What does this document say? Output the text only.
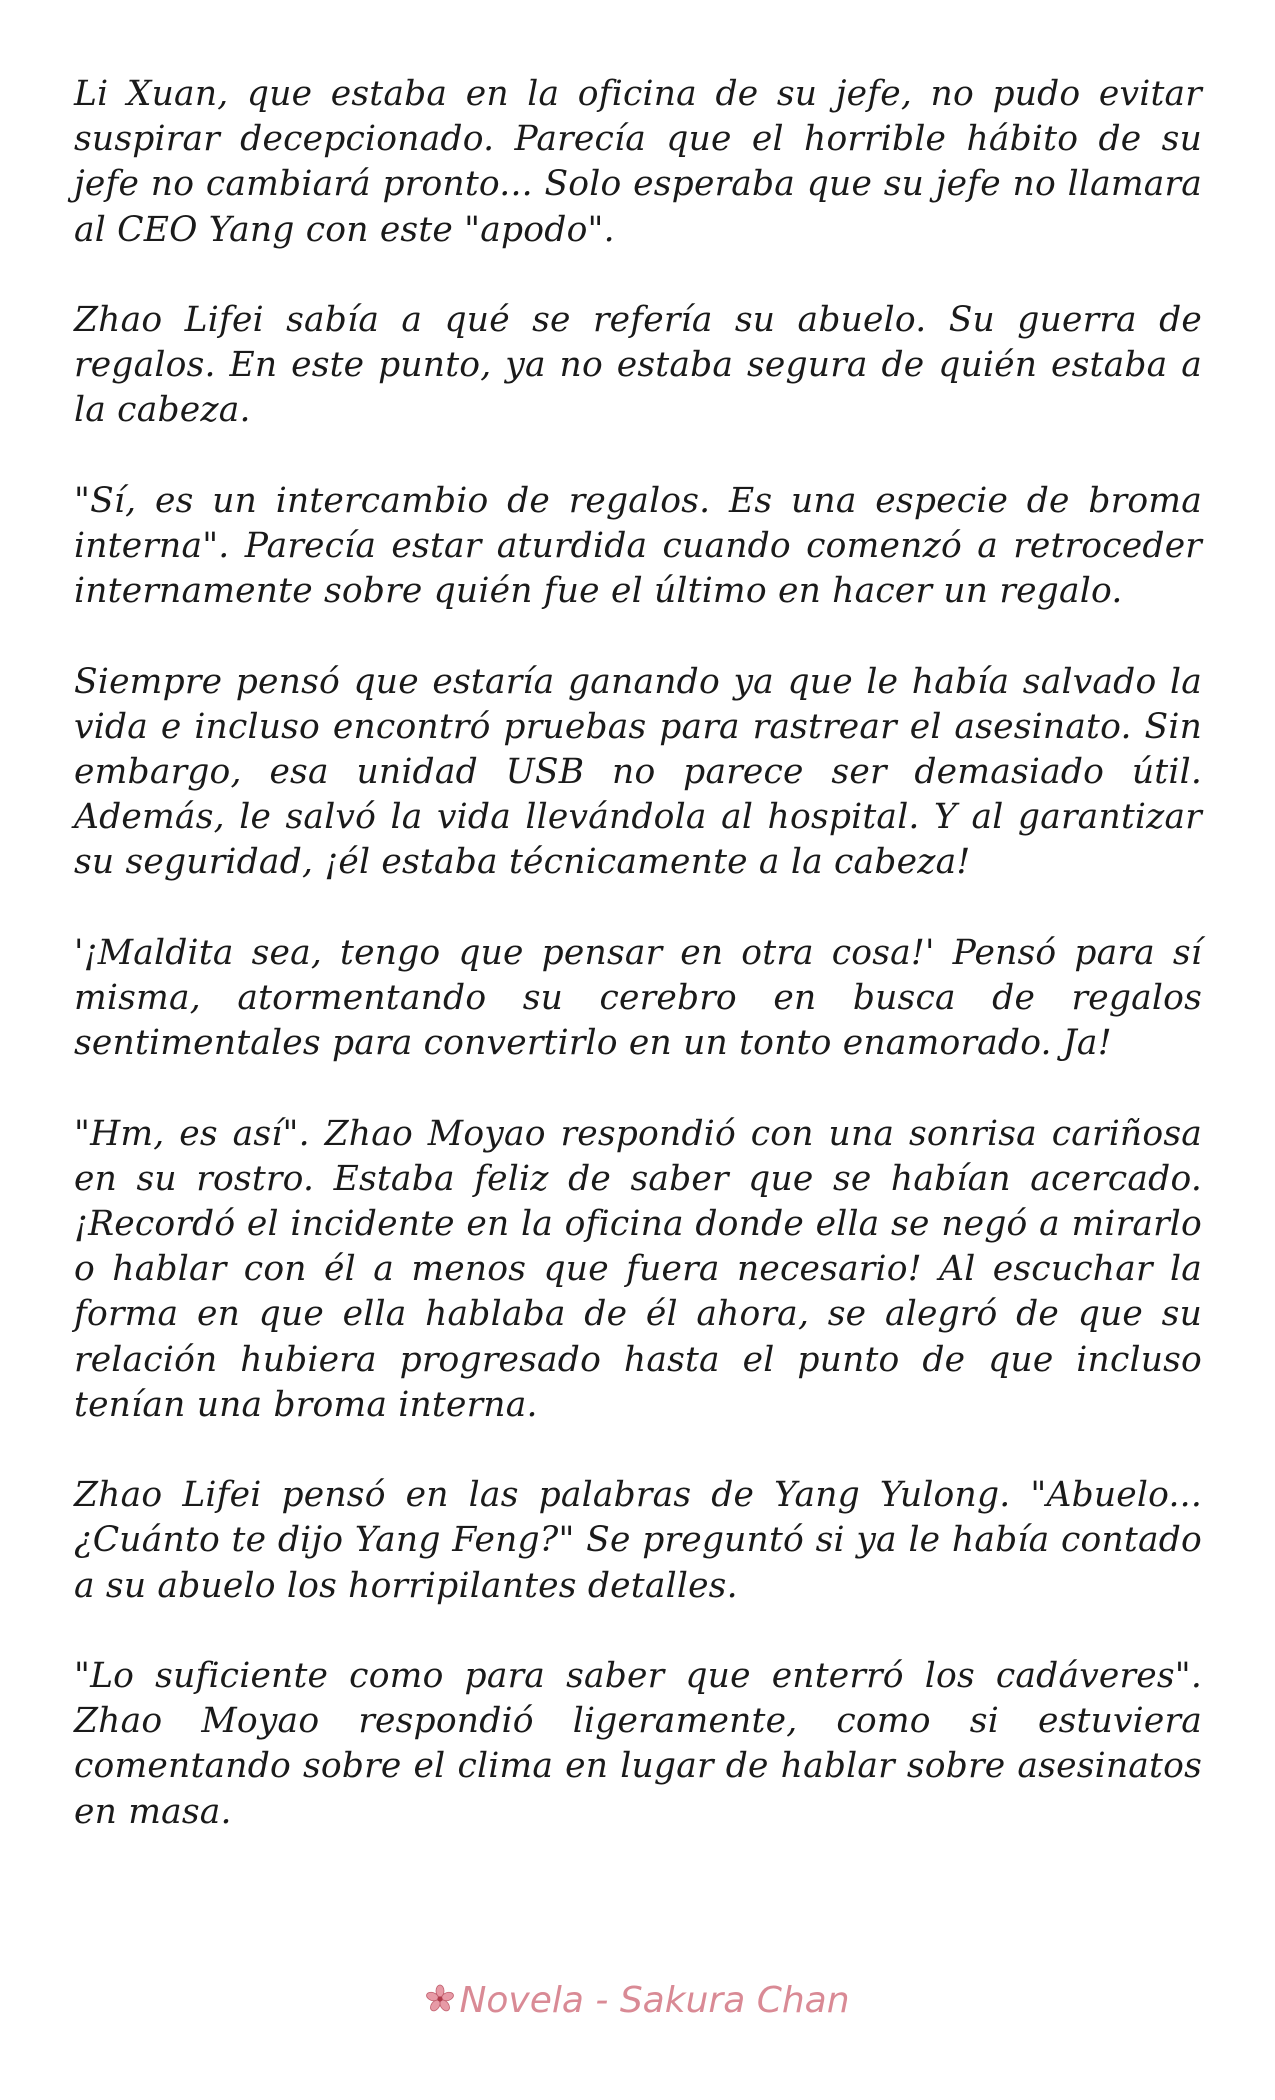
Li Xuan, que estaba en la oficina de su jefe, no pudo evitar suspirar decepcionado. Parecía que el horrible hábito de su jefe no cambiará pronto... Solo esperaba que su jefe no llamara al CEO Yang con este "apodo".

Zhao Lifei sabía a qué se refería su abuelo. Su guerra de regalos. En este punto, ya no estaba segura de quién estaba a la cabeza.

"Sí, es un intercambio de regalos. Es una especie de broma interna". Parecía estar aturdida cuando comenzó a retroceder internamente sobre quién fue el último en hacer un regalo.

Siempre pensó que estaría ganando ya que le había salvado la vida e incluso encontró pruebas para rastrear el asesinato. Sin embargo, esa unidad USB no parece ser demasiado útil. Además, le salvó la vida llevándola al hospital. Y al garantizar su seguridad, ¡él estaba técnicamente a la cabeza!

'¡Maldita sea, tengo que pensar en otra cosa!' Pensó para sí misma, atormentando su cerebro en busca de regalos sentimentales para convertirlo en un tonto enamorado. Ja!

"Hm, es así". Zhao Moyao respondió con una sonrisa cariñosa en su rostro. Estaba feliz de saber que se habían acercado. ¡Recordó el incidente en la oficina donde ella se negó a mirarlo o hablar con él a menos que fuera necesario! Al escuchar la forma en que ella hablaba de él ahora, se alegró de que su relación hubiera progresado hasta el punto de que incluso tenían una broma interna.

Zhao Lifei pensó en las palabras de Yang Yulong. "Abuelo... ¿Cuánto te dijo Yang Feng?" Se preguntó si ya le había contado a su abuelo los horripilantes detalles.

"Lo suficiente como para saber que enterró los cadáveres". Zhao Moyao respondió ligeramente, como si estuviera comentando sobre el clima en lugar de hablar sobre asesinatos en masa.

Novela - Sakura Chan
